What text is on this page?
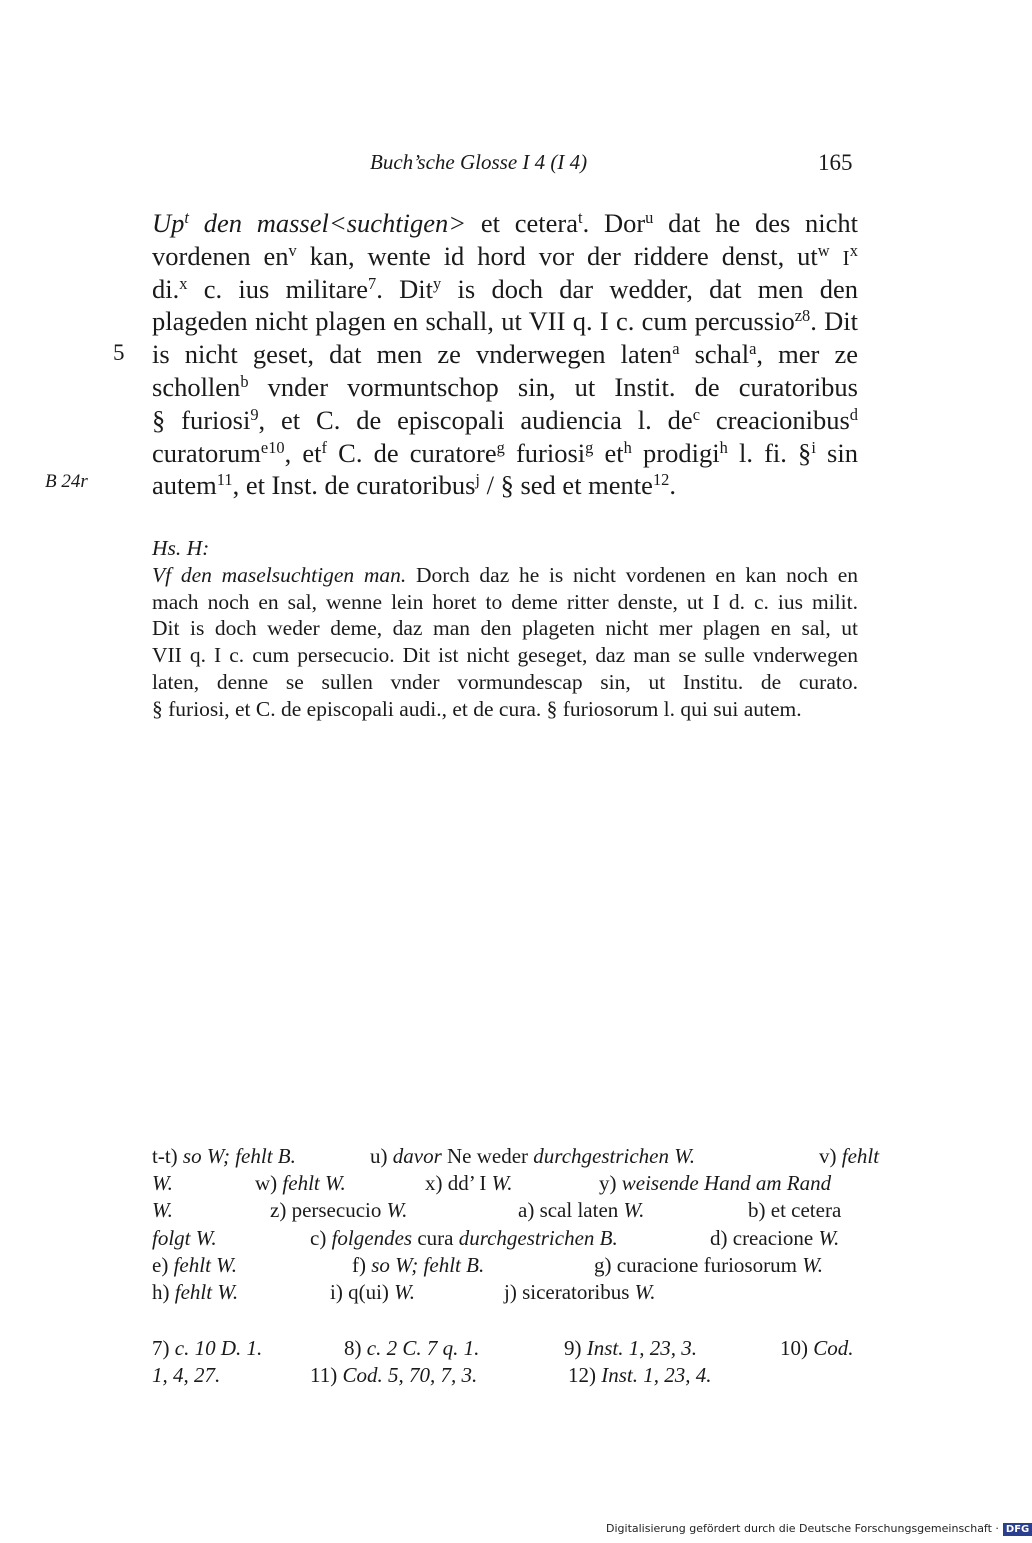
Buch’sche Glosse I 4 (I 4)	165
5
B 24r
Up$^t$ den massel<suchtigen> et cetera$^t$. Dor$^u$ dat he des nicht
vordenen $en^v$ kan, wente id hord vor der riddere denst, $ut^w$ $I^x$
di.$^x$ c. ius militare$^7$. Dit$^y$ is doch dar wedder, dat men den
plageden nicht plagen en schall, ut VII q. I c. cum percussio$^{z8}$. Dit
is nicht geset, dat men ze vnderwegen laten$^a$ schal$^a$, mer ze
schollen$^b$ vnder vormuntschop sin, ut Instit. de curatoribus
§ furiosi$^9$, et C. de episcopali audiencia l. $de^c$ creacionibus$^d$
curatorum$^{e10}$, $et^f$ C. de curatore$^g$ furiosi$^g$ $et^h$ prodigi$^h$ l. fi. §$^i$ sin
autem$^{11}$, et Inst. de curatoribus$^j$ / § sed et mente$^{12}$.
Hs. H:
Vf den maselsuchtigen man. Dorch daz he is nicht vordenen en kan noch en
mach noch en sal, wenne lein horet to deme ritter denste, ut I d. c. ius milit.
Dit is doch weder deme, daz man den plageten nicht mer plagen en sal, ut
VII q. I c. cum persecucio. Dit ist nicht geseget, daz man se sulle vnderwegen
laten, denne se sullen vnder vormundescap sin, ut Institu. de curato.
§ furiosi, et C. de episcopali audi., et de cura. § furiosorum l. qui sui autem.
t-t) so W; fehlt B.	u) davor Ne weder durchgestrichen W.	v) fehlt
W.	w) fehlt W.	x) dd’ I W.	y) weisende Hand am Rand
W.	z) persecucio W.	a) scal laten W.	b) et cetera
folgt W.	c) folgendes cura durchgestrichen B.	d) creacione W.
e) fehlt W.	f) so W; fehlt B.	g) curacione furiosorum W.
h) fehlt W.	i) q(ui) W.	j) siceratoribus W.
7) c. 10 D. 1.	8) c. 2 C. 7 q. 1.	9) Inst. 1, 23, 3.	10) Cod.
1, 4, 27.	11) Cod. 5, 70, 7, 3.	12) Inst. 1, 23, 4.
Digitalisierung gefördert durch die Deutsche Forschungsgemeinschaft · DFG
